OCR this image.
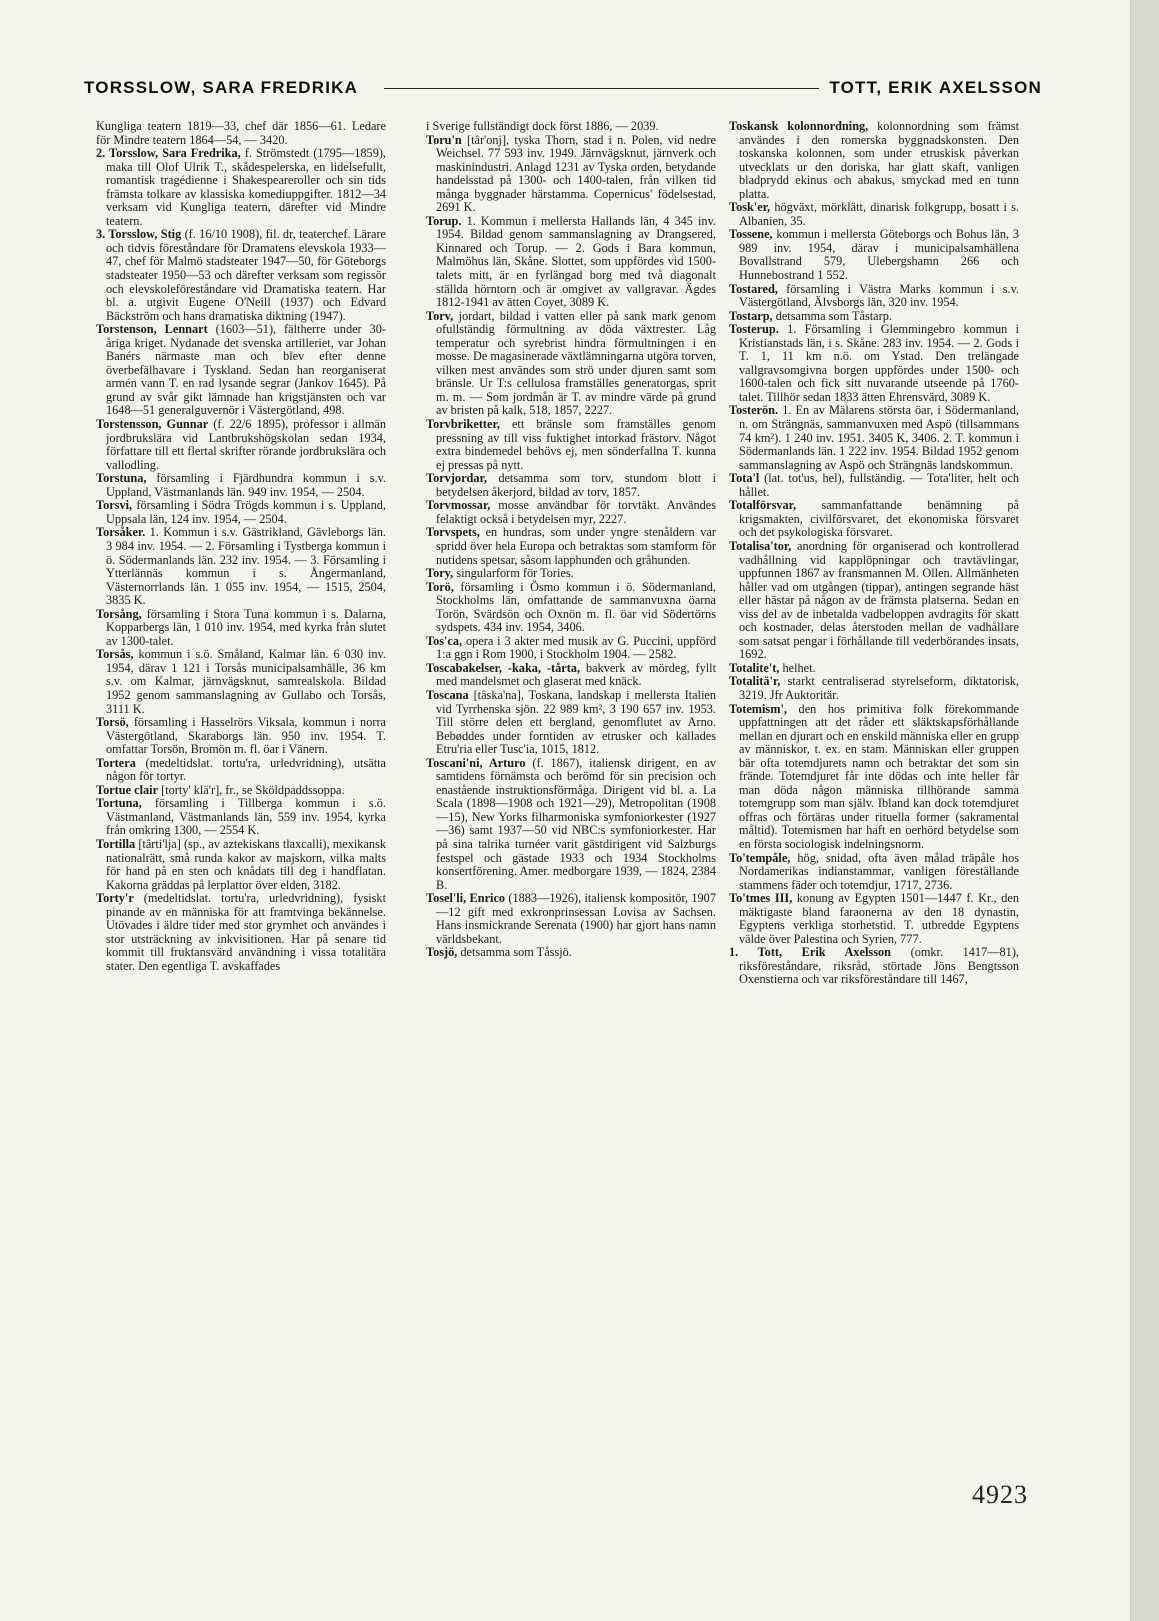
TORSSLOW, SARA FREDRIKA	TOTT, ERIK AXELSSON

Kungliga teatern 1819—33, chef där 1856—61. Ledare för Mindre teatern 1864—54, — 3420.

2. Torsslow, Sara Fredrika, f. Strömstedt (1795—1859), maka till Olof Ulrik T., skådespelerska, en lidelsefullt, romantisk tragédienne i Shakespeareroller och sin tids främsta tolkare av klassiska komediuppgifter. 1812—34 verksam vid Kungliga teatern, därefter vid Mindre teatern.

3. Torsslow, Stig (f. 16/10 1908), fil. dr, teaterchef. Lärare och tidvis föreståndare för Dramatens elevskola 1933—47, chef för Malmö stadsteater 1947—50, för Göteborgs stadsteater 1950—53 och därefter verksam som regissör och elevskoleföreståndare vid Dramatiska teatern. Har bl. a. utgivit Eugene O'Neill (1937) och Edvard Bäckström och hans dramatiska diktning (1947).

Torstenson, Lennart (1603—51), fältherre under 30-åriga kriget. Nydanade det svenska artilleriet, var Johan Banérs närmaste man och blev efter denne överbefälhavare i Tyskland. Sedan han reorganiserat armén vann T. en rad lysande segrar (Jankov 1645). På grund av svår gikt lämnade han krigstjänsten och var 1648—51 generalguvernör i Västergötland, 498.

Torstensson, Gunnar (f. 22/6 1895), professor i allmän jordbrukslära vid Lantbrukshögskolan sedan 1934, författare till ett flertal skrifter rörande jordbrukslära och vallodling.

Torstuna, församling i Fjärdhundra kommun i s.v. Uppland, Västmanlands län. 949 inv. 1954, — 2504.

Torsvi, församling i Södra Trögds kommun i s. Uppland, Uppsala län, 124 inv. 1954, — 2504.

Torsåker. 1. Kommun i s.v. Gästrikland, Gävleborgs län. 3 984 inv. 1954. — 2. Församling i Tystberga kommun i ö. Södermanlands län. 232 inv. 1954. — 3. Församling i Ytterlännäs kommun i s. Ångermanland, Västernorrlands län. 1 055 inv. 1954, — 1515, 2504, 3835 K.

Torsång, församling i Stora Tuna kommun i s. Dalarna, Kopparbergs län, 1 010 inv. 1954, med kyrka från slutet av 1300-talet.

Torsås, kommun i s.ö. Småland, Kalmar län. 6 030 inv. 1954, därav 1 121 i Torsås municipalsamhälle, 36 km s.v. om Kalmar, järnvägsknut, samrealskola. Bildad 1952 genom sammanslagning av Gullabo och Torsås, 3111 K.

Torsö, församling i Hasselrörs Viksala, kommun i norra Västergötland, Skaraborgs län. 950 inv. 1954. T. omfattar Torsön, Bromön m. fl. öar i Vänern.

Tortera (medeltidslat. tortu'ra, urledvridning), utsätta någon för tortyr.

Tortue clair [torty' klä'r], fr., se Sköldpaddssoppa.

Tortuna, församling i Tillberga kommun i s.ö. Västmanland, Västmanlands län, 559 inv. 1954, kyrka från omkring 1300, — 2554 K.

Tortilla [târti'lja] (sp., av aztekiskans tlaxcalli), mexikansk nationalrätt, små runda kakor av majskorn, vilka malts för hand på en sten och knådats till deg i handflatan. Kakorna gräddas på lerplattor över elden, 3182.

Torty'r (medeltidslat. tortu'ra, urledvridning), fysiskt pinande av en människa för att framtvinga bekännelse. Utövades i äldre tider med stor grymhet och användes i stor utsträckning av inkvisitionen. Har på senare tid kommit till fruktansvärd användning i vissa totalitära stater. Den egentliga T. avskaffades

i Sverige fullständigt dock först 1886, — 2039.

Toru'n [târ'onj], tyska Thorn, stad i n. Polen, vid nedre Weichsel. 77 593 inv. 1949. Järnvägsknut, järnverk och maskinindustri. Anlagd 1231 av Tyska orden, betydande handelsstad på 1300- och 1400-talen, från vilken tid många byggnader härstamma. Copernicus' födelsestad, 2691 K.

Torup. 1. Kommun i mellersta Hallands län, 4 345 inv. 1954. Bildad genom sammanslagning av Drangsered, Kinnared och Torup. — 2. Gods i Bara kommun, Malmöhus län, Skåne. Slottet, som uppfördes vid 1500-talets mitt, är en fyrlängad borg med två diagonalt ställda hörntorn och är omgivet av vallgravar. Ägdes 1812-1941 av ätten Coyet, 3089 K.

Torv, jordart, bildad i vatten eller på sank mark genom ofullständig förmultning av döda växtrester. Låg temperatur och syrebrist hindra förmultningen i en mosse. De magasinerade växtlämningarna utgöra torven, vilken mest användes som strö under djuren samt som bränsle. Ur T:s cellulosa framställes generatorgas, sprit m. m. — Som jordmån är T. av mindre värde på grund av bristen på kalk, 518, 1857, 2227.

Torvbriketter, ett bränsle som framställes genom pressning av till viss fuktighet intorkad frästorv. Något extra bindemedel behövs ej, men sönderfallna T. kunna ej pressas på nytt.

Torvjordar, detsamma som torv, stundom blott i betydelsen åkerjord, bildad av torv, 1857.

Torvmossar, mosse användbar för torvtäkt. Användes felaktigt också i betydelsen myr, 2227.

Torvspets, en hundras, som under yngre stenåldern var spridd över hela Europa och betraktas som stamform för nutidens spetsar, såsom lapphunden och gråhunden.

Tory, singularform för Tories.

Torö, församling i Ösmo kommun i ö. Södermanland, Stockholms län, omfattande de sammanvuxna öarna Torön, Svärdsön och Oxnön m. fl. öar vid Södertörns sydspets. 434 inv. 1954, 3406.

Tos'ca, opera i 3 akter med musik av G. Puccini, uppförd 1:a ggn i Rom 1900, i Stockholm 1904. — 2582.

Toscabakelser, -kaka, -tårta, bakverk av mördeg, fyllt med mandelsmet och glaserat med knäck.

Toscana [tâska'na], Toskana, landskap i mellersta Italien vid Tyrrhenska sjön. 22 989 km², 3 190 657 inv. 1953. Till större delen ett bergland, genomflutet av Arno. Bebøddes under forntiden av etrusker och kallades Etru'ria eller Tusc'ia, 1015, 1812.

Toscani'ni, Arturo (f. 1867), italiensk dirigent, en av samtidens förnämsta och berömd för sin precision och enastående instruktionsförmåga. Dirigent vid bl. a. La Scala (1898—1908 och 1921—29), Metropolitan (1908—15), New Yorks filharmoniska symfoniorkester (1927—36) samt 1937—50 vid NBC:s symfoniorkester. Har på sina talrika turnéer varit gästdirigent vid Salzburgs festspel och gästade 1933 och 1934 Stockholms konsertförening. Amer. medborgare 1939, — 1824, 2384 B.

Tosel'li, Enrico (1883—1926), italiensk kompositör, 1907—12 gift med exkronprinsessan Lovisa av Sachsen. Hans insmickrande Serenata (1900) har gjort hans namn världsbekant.

Tosjö, detsamma som Tåssjö.

Toskansk kolonnordning, kolonnordning som främst användes i den romerska byggnadskonsten. Den toskanska kolonnen, som under etruskisk påverkan utvecklats ur den doriska, har glatt skaft, vanligen bladprydd ekinus och abakus, smyckad med en tunn platta.

Tosk'er, högväxt, mörklätt, dinarisk folkgrupp, bosatt i s. Albanien, 35.

Tossene, kommun i mellersta Göteborgs och Bohus län, 3 989 inv. 1954, därav i municipalsamhällena Bovallstrand 579, Ulebergshamn 266 och Hunnebostrand 1 552.

Tostared, församling i Västra Marks kommun i s.v. Västergötland, Älvsborgs län, 320 inv. 1954.

Tostarp, detsamma som Tåstarp.

Tosterup. 1. Församling i Glemmingebro kommun i Kristianstads län, i s. Skåne. 283 inv. 1954. — 2. Gods i T. 1, 11 km n.ö. om Ystad. Den trelängade vallgravsomgivna borgen uppfördes under 1500- och 1600-talen och fick sitt nuvarande utseende på 1760-talet. Tillhör sedan 1833 ätten Ehrensvärd, 3089 K.

Tosterön. 1. En av Mälarens största öar, i Södermanland, n. om Strängnäs, sammanvuxen med Aspö (tillsammans 74 km²). 1 240 inv. 1951. 3405 K, 3406. 2. T. kommun i Södermanlands län. 1 222 inv. 1954. Bildad 1952 genom sammanslagning av Aspö och Strängnäs landskommun.

Tota'l (lat. tot'us, hel), fullständig. — Tota'liter, helt och hållet.

Totalförsvar, sammanfattande benämning på krigsmakten, civilförsvaret, det ekonomiska försvaret och det psykologiska försvaret.

Totalisa'tor, anordning för organiserad och kontrollerad vadhållning vid kapplöpningar och travtävlingar, uppfunnen 1867 av fransmannen M. Ollen. Allmänheten håller vad om utgången (tippar), antingen segrande häst eller hästar på någon av de främsta platserna. Sedan en viss del av de inbetalda vadbeloppen avdragits för skatt och kostnader, delas återstoden mellan de vadhållare som satsat pengar i förhållande till vederbörandes insats, 1692.

Totalite't, helhet.

Totalitä'r, starkt centraliserad styrelseform, diktatorisk, 3219. Jfr Auktoritär.

Totemism', den hos primitiva folk förekommande uppfattningen att det råder ett släktskapsförhållande mellan en djurart och en enskild människa eller en grupp av människor, t. ex. en stam. Människan eller gruppen bär ofta totemdjurets namn och betraktar det som sin frände. Totemdjuret får inte dödas och inte heller får man döda någon människa tillhörande samma totemgrupp som man själv. Ibland kan dock totemdjuret offras och förtäras under rituella former (sakramental måltid). Totemismen har haft en oerhörd betydelse som en första sociologisk indelningsnorm.

To'tempåle, hög, snidad, ofta även målad träpåle hos Nordamerikas indianstammar, vanligen föreställande stammens fäder och totemdjur, 1717, 2736.

To'tmes III, konung av Egypten 1501—1447 f. Kr., den mäktigaste bland faraonerna av den 18 dynastin, Egyptens verkliga storhetstid. T. utbredde Egyptens välde över Palestina och Syrien, 777.

1. Tott, Erik Axelsson (omkr. 1417—81), riksföreståndare, riksråd, störtade Jöns Bengtsson Oxenstierna och var riksföreståndare till 1467,

4923
